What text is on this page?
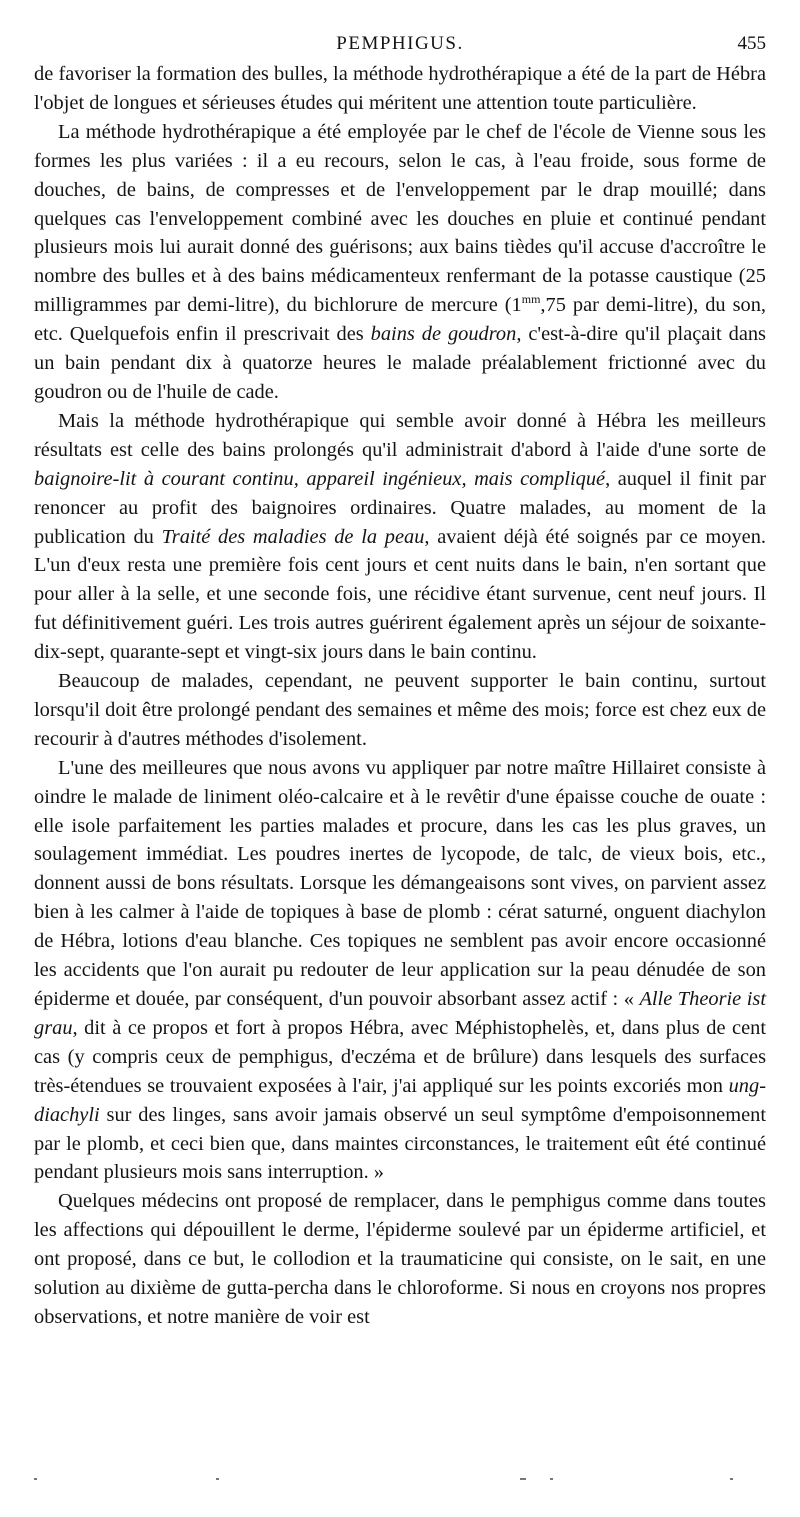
PEMPHIGUS.	455

de favoriser la formation des bulles, la méthode hydrothérapique a été de la part de Hébra l'objet de longues et sérieuses études qui méritent une attention toute particulière.

La méthode hydrothérapique a été employée par le chef de l'école de Vienne sous les formes les plus variées : il a eu recours, selon le cas, à l'eau froide, sous forme de douches, de bains, de compresses et de l'enveloppement par le drap mouillé; dans quelques cas l'enveloppement combiné avec les douches en pluie et continué pendant plusieurs mois lui aurait donné des guérisons; aux bains tièdes qu'il accuse d'accroître le nombre des bulles et à des bains médicamenteux renfermant de la potasse caustique (25 milligrammes par demi-litre), du bichlorure de mercure ($1^{mm},75$ par demi-litre), du son, etc. Quelquefois enfin il prescrivait des bains de goudron, c'est-à-dire qu'il plaçait dans un bain pendant dix à quatorze heures le malade préalablement frictionné avec du goudron ou de l'huile de cade.

Mais la méthode hydrothérapique qui semble avoir donné à Hébra les meilleurs résultats est celle des bains prolongés qu'il administrait d'abord à l'aide d'une sorte de baignoire-lit à courant continu, appareil ingénieux, mais compliqué, auquel il finit par renoncer au profit des baignoires ordinaires. Quatre malades, au moment de la publication du Traité des maladies de la peau, avaient déjà été soignés par ce moyen. L'un d'eux resta une première fois cent jours et cent nuits dans le bain, n'en sortant que pour aller à la selle, et une seconde fois, une récidive étant survenue, cent neuf jours. Il fut définitivement guéri. Les trois autres guérirent également après un séjour de soixante-dix-sept, quarante-sept et vingt-six jours dans le bain continu.

Beaucoup de malades, cependant, ne peuvent supporter le bain continu, surtout lorsqu'il doit être prolongé pendant des semaines et même des mois; force est chez eux de recourir à d'autres méthodes d'isolement.

L'une des meilleures que nous avons vu appliquer par notre maître Hillairet consiste à oindre le malade de liniment oléo-calcaire et à le revêtir d'une épaisse couche de ouate : elle isole parfaitement les parties malades et procure, dans les cas les plus graves, un soulagement immédiat. Les poudres inertes de lycopode, de talc, de vieux bois, etc., donnent aussi de bons résultats. Lorsque les démangeaisons sont vives, on parvient assez bien à les calmer à l'aide de topiques à base de plomb : cérat saturné, onguent diachylon de Hébra, lotions d'eau blanche. Ces topiques ne semblent pas avoir encore occasionné les accidents que l'on aurait pu redouter de leur application sur la peau dénudée de son épiderme et douée, par conséquent, d'un pouvoir absorbant assez actif : « Alle Theorie ist grau, dit à ce propos et fort à propos Hébra, avec Méphistophelès, et, dans plus de cent cas (y compris ceux de pemphigus, d'eczéma et de brûlure) dans lesquels des surfaces très-étendues se trouvaient exposées à l'air, j'ai appliqué sur les points excoriés mon ung-diachyli sur des linges, sans avoir jamais observé un seul symptôme d'empoisonnement par le plomb, et ceci bien que, dans maintes circonstances, le traitement eût été continué pendant plusieurs mois sans interruption. »

Quelques médecins ont proposé de remplacer, dans le pemphigus comme dans toutes les affections qui dépouillent le derme, l'épiderme soulevé par un épiderme artificiel, et ont proposé, dans ce but, le collodion et la traumaticine qui consiste, on le sait, en une solution au dixième de gutta-percha dans le chloroforme. Si nous en croyons nos propres observations, et notre manière de voir est
